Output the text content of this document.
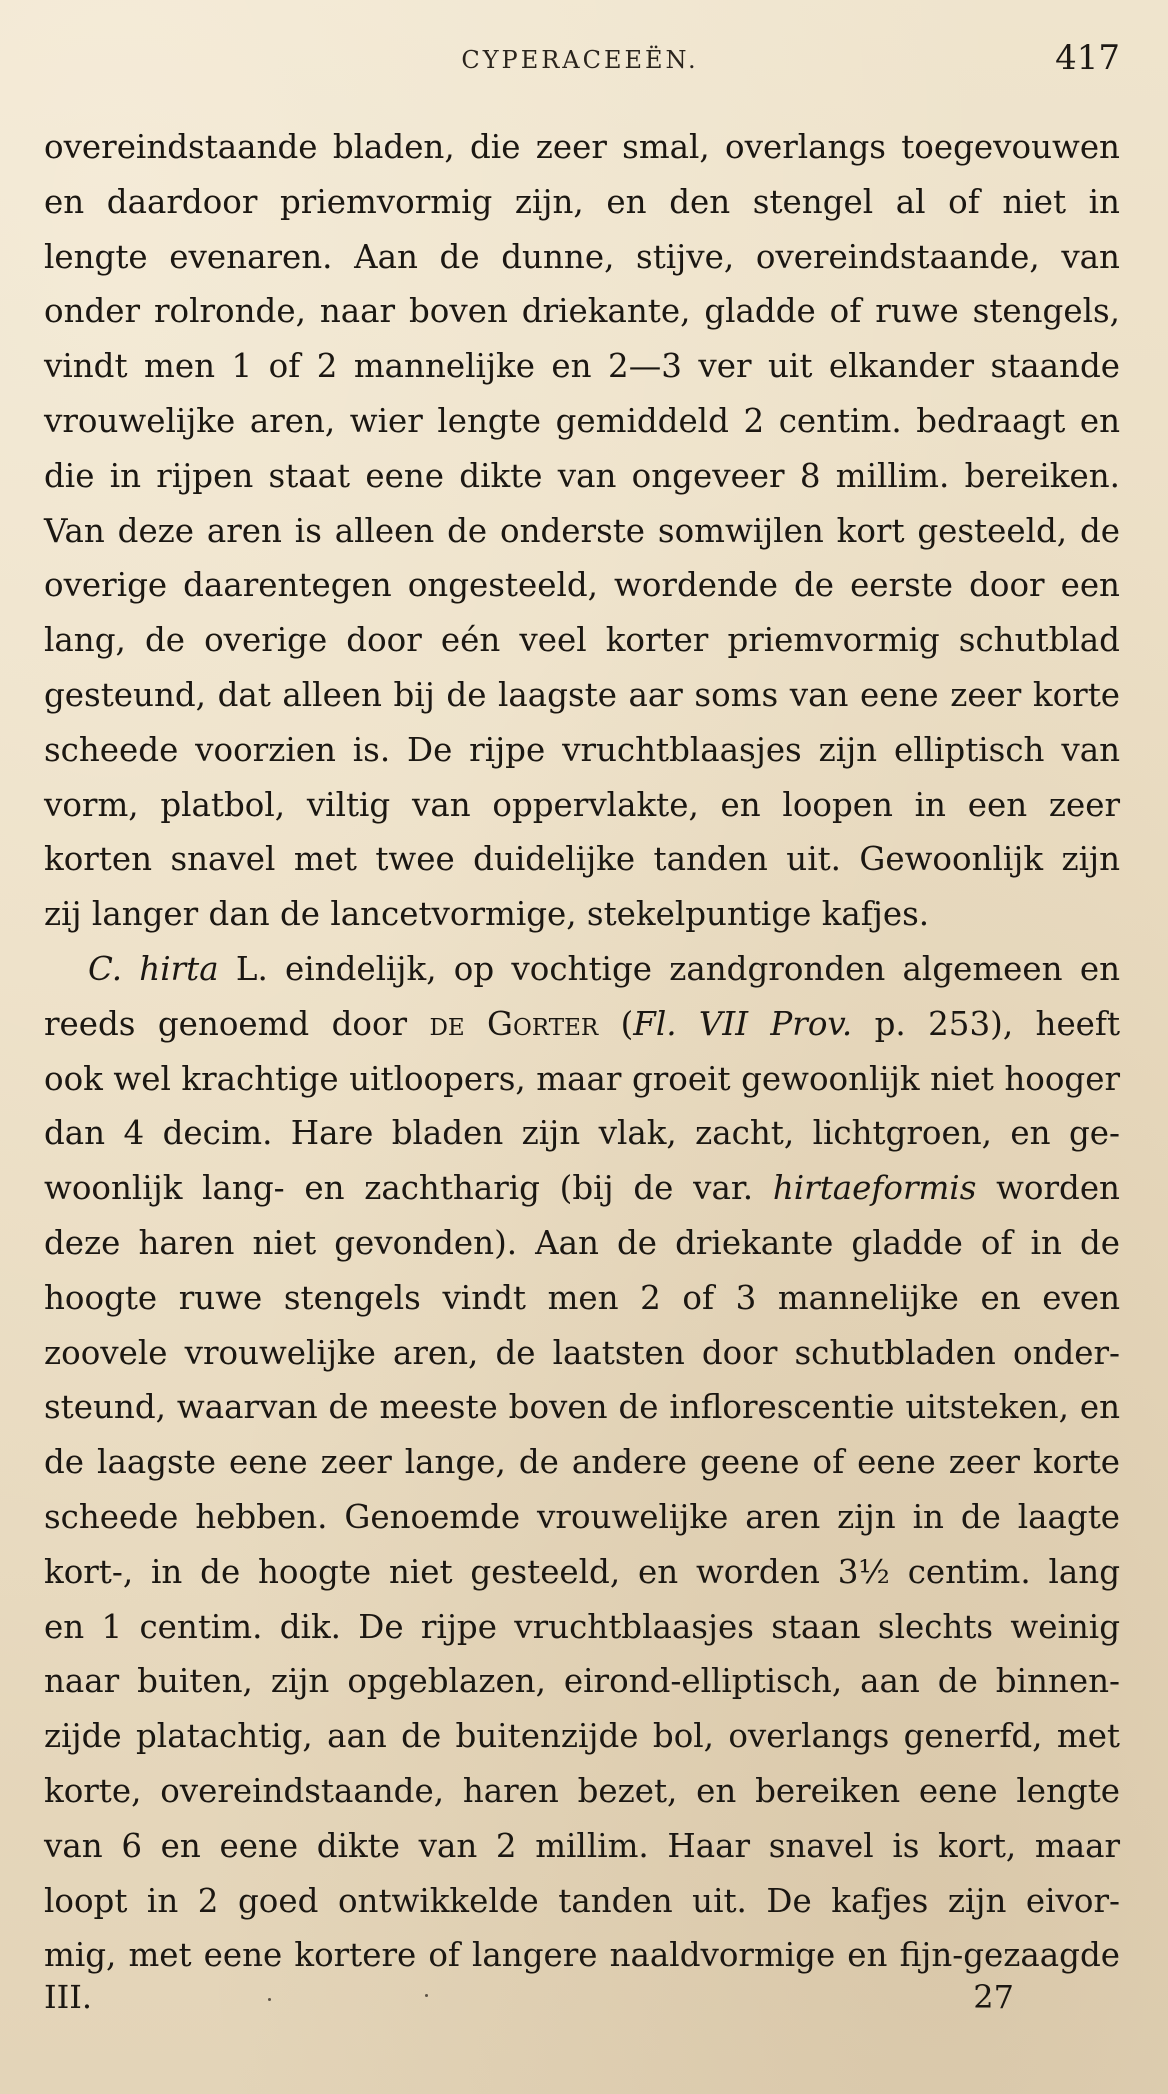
CYPERACEEËN.	417
overeindstaande bladen, die zeer smal, overlangs toegevouwen
en daardoor priemvormig zijn, en den stengel al of niet in
lengte evenaren. Aan de dunne, stijve, overeindstaande, van
onder rolronde, naar boven driekante, gladde of ruwe stengels,
vindt men 1 of 2 mannelijke en 2—3 ver uit elkander staande
vrouwelijke aren, wier lengte gemiddeld 2 centim. bedraagt en
die in rijpen staat eene dikte van ongeveer 8 millim. bereiken.
Van deze aren is alleen de onderste somwijlen kort gesteeld, de
overige daarentegen ongesteeld, wordende de eerste door een
lang, de overige door eén veel korter priemvormig schutblad
gesteund, dat alleen bij de laagste aar soms van eene zeer korte
scheede voorzien is. De rijpe vruchtblaasjes zijn elliptisch van
vorm, platbol, viltig van oppervlakte, en loopen in een zeer
korten snavel met twee duidelijke tanden uit. Gewoonlijk zijn
zij langer dan de lancetvormige, stekelpuntige kafjes.
C. hirta L. eindelijk, op vochtige zandgronden algemeen en
reeds genoemd door de Gorter (Fl. VII Prov. p. 253), heeft
ook wel krachtige uitloopers, maar groeit gewoonlijk niet hooger
dan 4 decim. Hare bladen zijn vlak, zacht, lichtgroen, en ge-
woonlijk lang- en zachtharig (bij de var. hirtaeformis worden
deze haren niet gevonden). Aan de driekante gladde of in de
hoogte ruwe stengels vindt men 2 of 3 mannelijke en even
zoovele vrouwelijke aren, de laatsten door schutbladen onder-
steund, waarvan de meeste boven de inflorescentie uitsteken, en
de laagste eene zeer lange, de andere geene of eene zeer korte
scheede hebben. Genoemde vrouwelijke aren zijn in de laagte
kort-, in de hoogte niet gesteeld, en worden 3½ centim. lang
en 1 centim. dik. De rijpe vruchtblaasjes staan slechts weinig
naar buiten, zijn opgeblazen, eirond-elliptisch, aan de binnen-
zijde platachtig, aan de buitenzijde bol, overlangs generfd, met
korte, overeindstaande, haren bezet, en bereiken eene lengte
van 6 en eene dikte van 2 millim. Haar snavel is kort, maar
loopt in 2 goed ontwikkelde tanden uit. De kafjes zijn eivor-
mig, met eene kortere of langere naaldvormige en fijn-gezaagde
III.	27
